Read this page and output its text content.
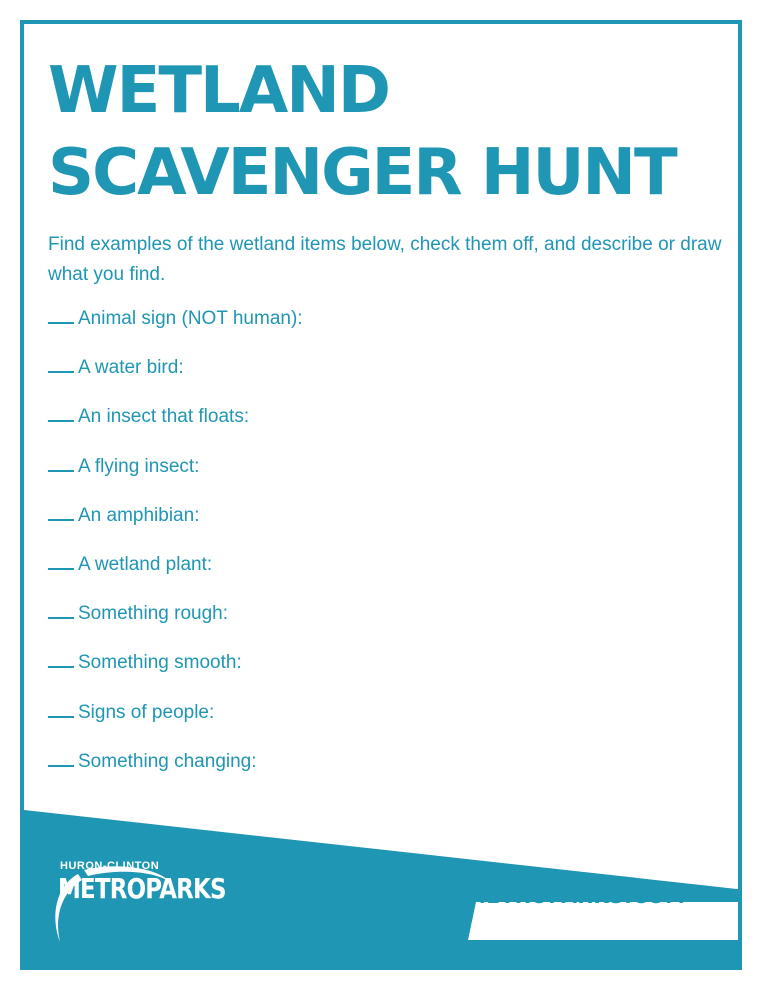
WETLAND
SCAVENGER HUNT

Find examples of the wetland items below, check them off, and describe or draw what you find.

Animal sign (NOT human):
A water bird:
An insect that floats:
A flying insect:
An amphibian:
A wetland plant:
Something rough:
Something smooth:
Signs of people:
Something changing:
HURON-CLINTON
METROPARKS	METROPARKS.COM
